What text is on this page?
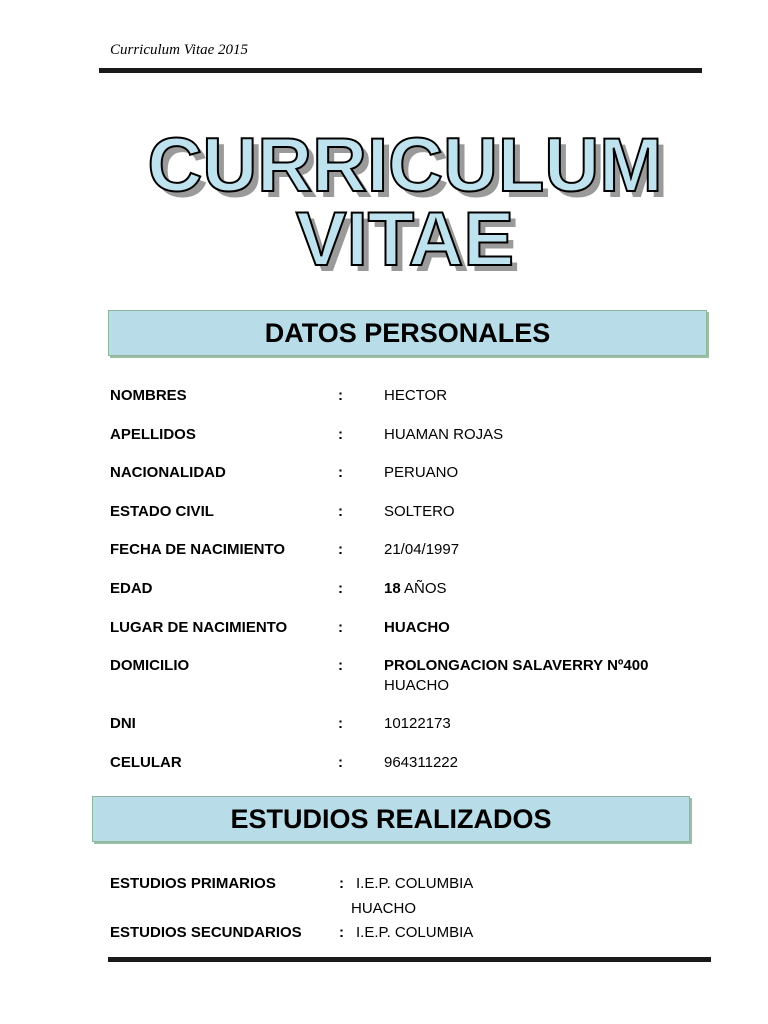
Curriculum Vitae 2015
CURRICULUM
VITAE
DATOS PERSONALES
NOMBRES	:	HECTOR
APELLIDOS	:	HUAMAN ROJAS
NACIONALIDAD	:	PERUANO
ESTADO CIVIL	:	SOLTERO
FECHA DE NACIMIENTO	:	21/04/1997
EDAD	:	18 AÑOS
LUGAR DE NACIMIENTO	:	HUACHO
DOMICILIO	:	PROLONGACION SALAVERRY Nº400
HUACHO
DNI	:	10122173
CELULAR	:	964311222
ESTUDIOS REALIZADOS
ESTUDIOS PRIMARIOS	: I.E.P. COLUMBIA
HUACHO
ESTUDIOS SECUNDARIOS : I.E.P. COLUMBIA
